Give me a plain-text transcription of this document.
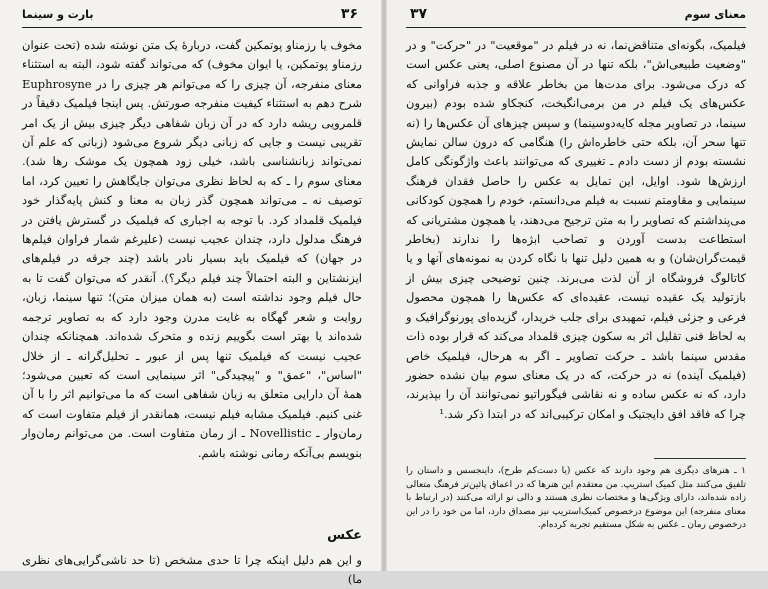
بارت و سینما	۳۶

مخوف یا رزمناو پوتمکین گفت، دربارهٔ یک متن نوشته شده (تحت عنوان رزمناو پوتمکین، یا ایوان مخوف) که می‌تواند گفته شود، البته به استثناء معنای منفرجه، آن چیزی را که می‌توانم هر چیزی را در Euphrosyne شرح دهم به استثناء کیفیت منفرجه صورتش. پس اینجا فیلمیک دقیقاً در قلمرویی ریشه دارد که در آن زبان شفاهی دیگر چیزی بیش از یک امر تقریبی نیست و جایی که زبانی دیگر شروع می‌شود (زبانی که علم آن نمی‌تواند زبانشناسی باشد، خیلی زود همچون یک موشک رها شد). معنای سوم را ـ که به لحاظ نظری می‌توان جایگاهش را تعیین کرد، اما توصیف نه ـ می‌تواند همچون گذر زبان به معنا و کنش پایه‌گذار خود فیلمیک قلمداد کرد. با توجه به اجباری که فیلمیک در گسترش یافتن در فرهنگ مدلول دارد، چندان عجیب نیست (علیرغم شمار فراوان فیلم‌ها در جهان) که فیلمیک باید بسیار نادر باشد (چند جرقه در فیلم‌های ایزنشتاین و البته احتمالاً چند فیلم دیگر؟). آنقدر که می‌توان گفت تا به حال فیلم وجود نداشته است (به همان میزان متن)؛ تنها سینما، زبان، روایت و شعر گهگاه به غایت مدرن وجود دارد که به تصاویر ترجمه شده‌اند یا بهتر است بگوییم زنده و متحرک شده‌اند. همچنانکه چندان عجیب نیست که فیلمیک تنها پس از عبور ـ تحلیل‌گرانه ـ از خلال "اساس"، "عمق" و "پیچیدگی" اثر سینمایی است که تعیین می‌شود؛ همهٔ آن دارایی متعلق به زبان شفاهی است که ما می‌توانیم اثر را با آن غنی کنیم. فیلمیک مشابه فیلم نیست، همانقدر از فیلم متفاوت است که رمان‌وار ـ Novellistic ـ از رمان متفاوت است. من می‌توانم رمان‌وار بنویسم بی‌آنکه رمانی نوشته باشم.

عکس
و این هم دلیل اینکه چرا تا حدی مشخص (تا حد ناشی‌گرایی‌های نظری ما)
معنای سوم
۳۷

فیلمیک، بگونه‌ای متناقض‌نما، نه در فیلم در "موقعیت" در "حرکت" و در "وضعیت طبیعی‌اش"، بلکه تنها در آن مصنوع اصلی، یعنی عکس است که درک می‌شود. برای مدت‌ها من بخاطر علاقه و جذبه فراوانی که عکس‌های یک فیلم در من برمی‌انگیخت، کنجکاو شده بودم (بیرون سینما، در تصاویر مجله کایه‌دوسینما) و سپس چیزهای آن عکس‌ها را (نه تنها سحر آن، بلکه حتی خاطره‌اش را) هنگامی که درون سالن نمایش نشسته بودم از دست دادم ـ تغییری که می‌توانند باعث واژگونگی کامل ارزش‌ها شود. اوایل، این تمایل به عکس را حاصل فقدان فرهنگ سینمایی و مقاومتم نسبت به فیلم می‌دانستم، خودم را همچون کودکانی می‌پنداشتم که تصاویر را به متن ترجیح می‌دهند، یا همچون مشتریانی که استطاعت بدست آوردن و تصاحب ابژه‌ها را ندارند (بخاطر قیمت‌گران‌شان) و به همین دلیل تنها با نگاه کردن به نمونه‌های آنها و یا کاتالوگ فروشگاه از آن لذت می‌برند. چنین توضیحی چیزی بیش از بازتولید یک عقیده نیست، عقیده‌ای که عکس‌ها را همچون محصول فرعی و جزئی فیلم، تمهیدی برای جلب خریدار، گزیده‌ای پورنوگرافیک و به لحاظ فنی تقلیل اثر به سکون چیزی قلمداد می‌کند که قرار بوده ذات مقدس سینما باشد ـ حرکت تصاویر ـ اگر به هرحال، فیلمیک خاص (فیلمیک آینده) نه در حرکت، که در یک معنای سوم بیان نشده حضور دارد، که نه عکس ساده و نه نقاشی فیگوراتیو نمی‌توانند آن را بپذیرند، چرا که فاقد افق دایجتیک و امکان ترکیبی‌اند که در ابتدا ذکر شد.¹

۱ ـ هنرهای دیگری هم وجود دارند که عکس (یا دست‌کم طرح)، داینجسس و داستان را تلفیق می‌کنند مثل کمیک استریپ. من معتقدم این هنرها که در اعماق پائین‌تر فرهنگ متعالی زاده شده‌اند، دارای ویژگی‌ها و مختصات نظری هستند و دالی نو ارائه می‌کنند (در ارتباط با معنای منفرجه) این موضوع درخصوص کمیک‌استریپ نیز مصداق دارد، اما من خود را در این درخصوص رمان ـ عکس به شکل مستقیم تجربه کرده‌ام.
